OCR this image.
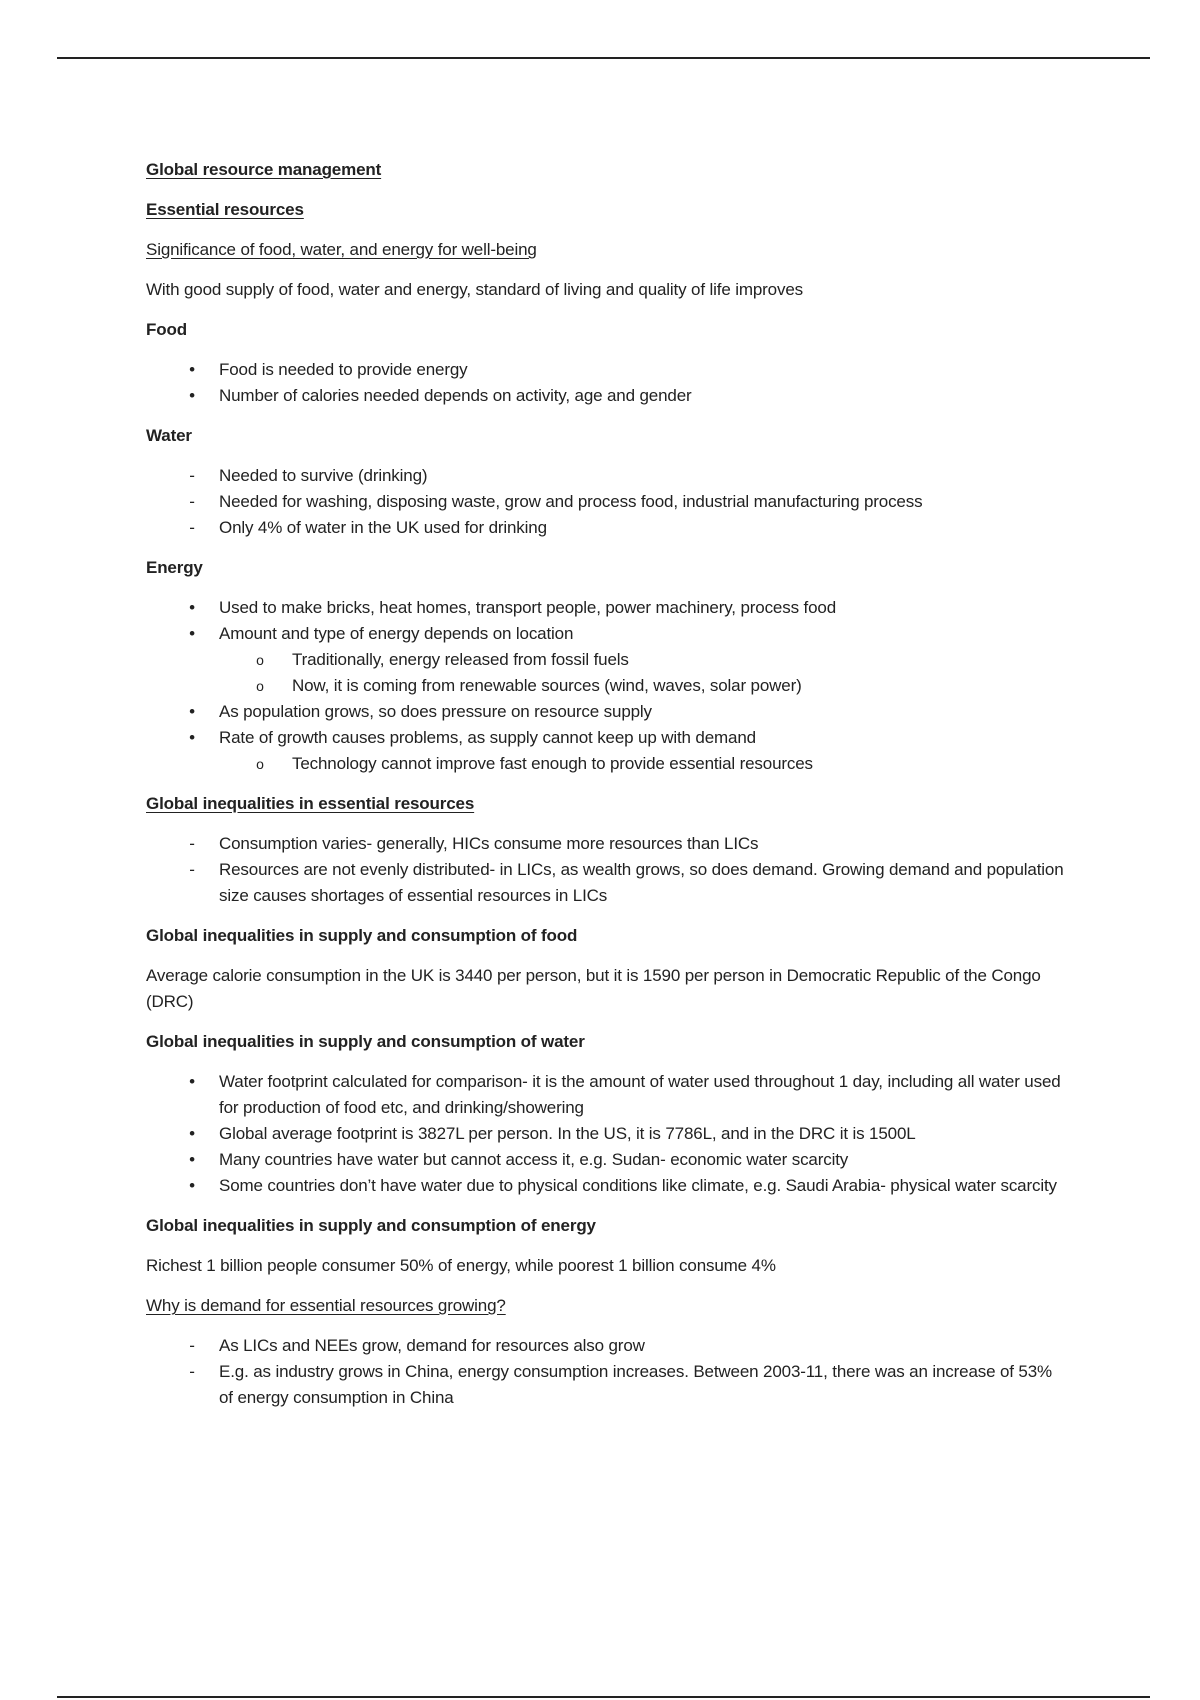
Global resource management

Essential resources

Significance of food, water, and energy for well-being

With good supply of food, water and energy, standard of living and quality of life improves

Food

•	Food is needed to provide energy
•	Number of calories needed depends on activity, age and gender

Water

-	Needed to survive (drinking)
-	Needed for washing, disposing waste, grow and process food, industrial manufacturing process
-	Only 4% of water in the UK used for drinking

Energy

•	Used to make bricks, heat homes, transport people, power machinery, process food
•	Amount and type of energy depends on location
o	Traditionally, energy released from fossil fuels
o	Now, it is coming from renewable sources (wind, waves, solar power)
•	As population grows, so does pressure on resource supply
•	Rate of growth causes problems, as supply cannot keep up with demand
o	Technology cannot improve fast enough to provide essential resources

Global inequalities in essential resources

-	Consumption varies- generally, HICs consume more resources than LICs
-	Resources are not evenly distributed- in LICs, as wealth grows, so does demand. Growing demand and population size causes shortages of essential resources in LICs

Global inequalities in supply and consumption of food

Average calorie consumption in the UK is 3440 per person, but it is 1590 per person in Democratic Republic of the Congo (DRC)

Global inequalities in supply and consumption of water

•	Water footprint calculated for comparison- it is the amount of water used throughout 1 day, including all water used for production of food etc, and drinking/showering
•	Global average footprint is 3827L per person. In the US, it is 7786L, and in the DRC it is 1500L
•	Many countries have water but cannot access it, e.g. Sudan- economic water scarcity
•	Some countries don’t have water due to physical conditions like climate, e.g. Saudi Arabia- physical water scarcity

Global inequalities in supply and consumption of energy

Richest 1 billion people consumer 50% of energy, while poorest 1 billion consume 4%

Why is demand for essential resources growing?

-	As LICs and NEEs grow, demand for resources also grow
-	E.g. as industry grows in China, energy consumption increases. Between 2003-11, there was an increase of 53% of energy consumption in China
